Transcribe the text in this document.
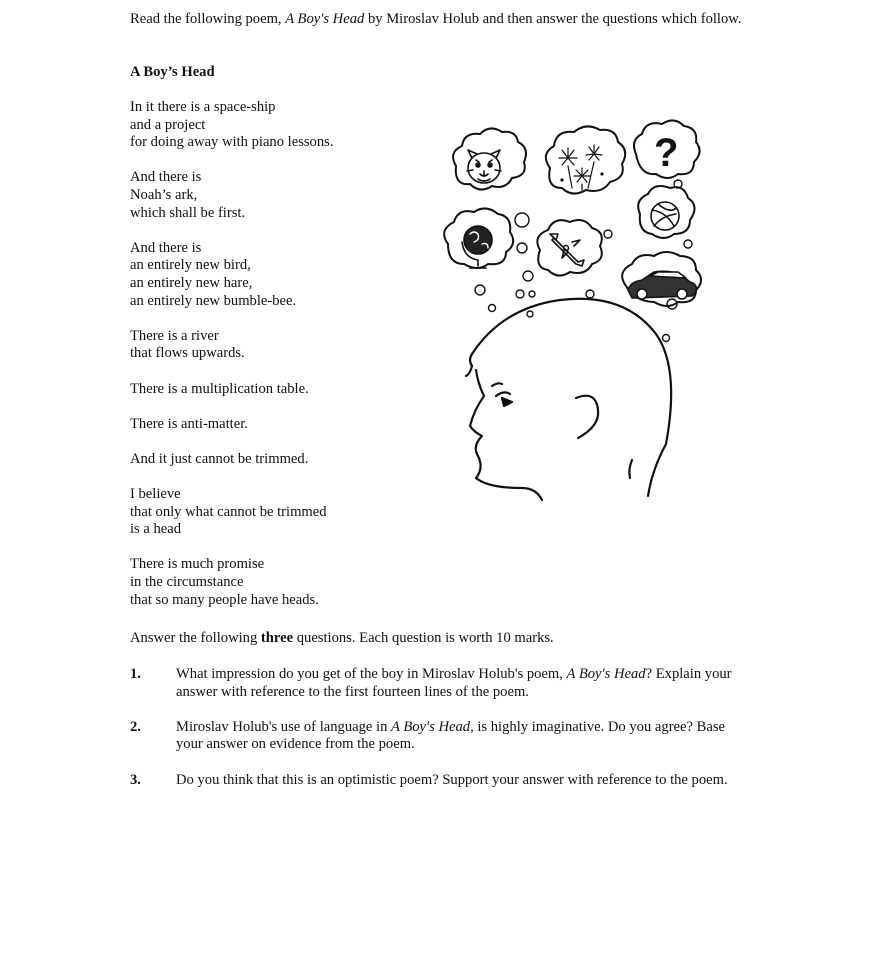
Read the following poem, A Boy's Head by Miroslav Holub and then answer the questions which follow.
A Boy’s Head
In it there is a space-ship
and a project
for doing away with piano lessons.
And there is
Noah’s ark,
which shall be first.
And there is
an entirely new bird,
an entirely new hare,
an entirely new bumble-bee.
There is a river
that flows upwards.
There is a multiplication table.
There is anti-matter.
And it just cannot be trimmed.
I believe
that only what cannot be trimmed
is a head
There is much promise
in the circumstance
that so many people have heads.
Answer the following three questions. Each question is worth 10 marks.
1. What impression do you get of the boy in Miroslav Holub's poem, A Boy's Head? Explain your answer with reference to the first fourteen lines of the poem.
2. Miroslav Holub's use of language in A Boy's Head, is highly imaginative. Do you agree? Base your answer on evidence from the poem.
3. Do you think that this is an optimistic poem? Support your answer with reference to the poem.
?
